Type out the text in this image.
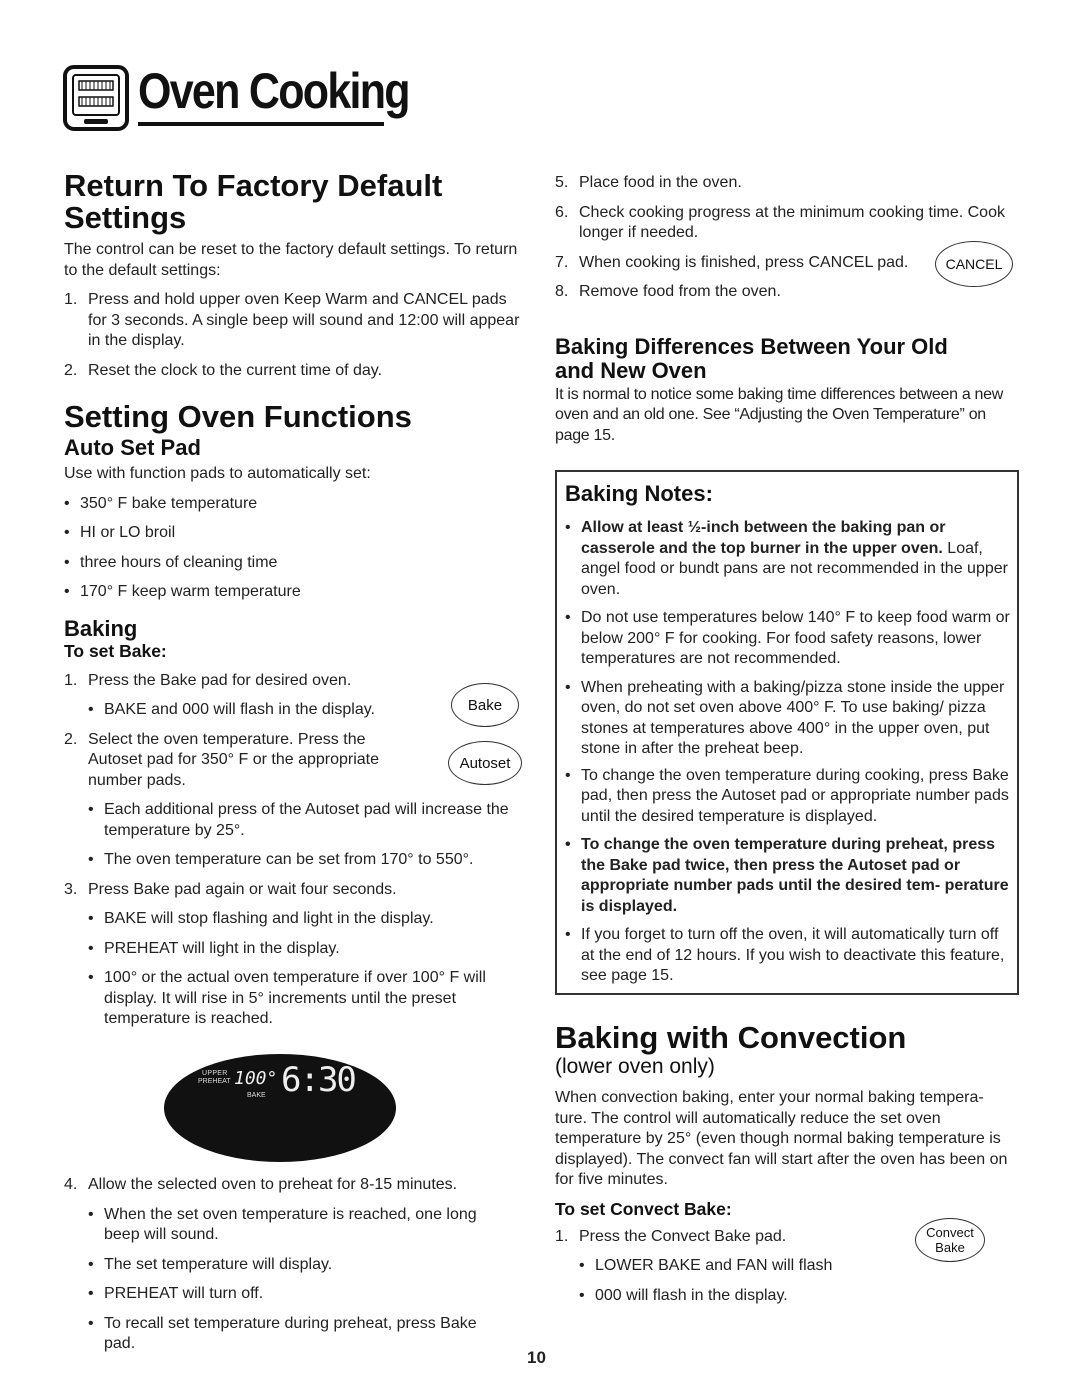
Oven Cooking
Return To Factory Default
Settings

The control can be reset to the factory default settings. To return to the default settings:

1. Press and hold upper oven Keep Warm and CANCEL pads for 3 seconds. A single beep will sound and 12:00 will appear in the display.
2. Reset the clock to the current time of day.
Setting Oven Functions
Auto Set Pad

Use with function pads to automatically set:

• 350° F bake temperature
• HI or LO broil
• three hours of cleaning time
• 170° F keep warm temperature
Baking
To set Bake:
1. Press the Bake pad for desired oven.
• BAKE and 000 will flash in the display.
2. Select the oven temperature. Press the Autoset pad for 350° F or the appropriate number pads.
• Each additional press of the Autoset pad will increase the temperature by 25°.
• The oven temperature can be set from 170° to 550°.
3. Press Bake pad again or wait four seconds.
• BAKE will stop flashing and light in the display.
• PREHEAT will light in the display.
• 100° or the actual oven temperature if over 100° F will display. It will rise in 5° increments until the preset temperature is reached.
Bake
Autoset
UPPER
PREHEAT 100°
BAKE 6:30
4. Allow the selected oven to preheat for 8-15 minutes.
• When the set oven temperature is reached, one long beep will sound.
• The set temperature will display.
• PREHEAT will turn off.
• To recall set temperature during preheat, press Bake pad.
5. Place food in the oven.
6. Check cooking progress at the minimum cooking time. Cook longer if needed.
7. When cooking is finished, press CANCEL pad.
8. Remove food from the oven.
Baking Differences Between Your Old
and New Oven

It is normal to notice some baking time differences between a new oven and an old one. See “Adjusting the Oven Temperature” on page 15.

CANCEL
Baking Notes:
• Allow at least ½-inch between the baking pan or casserole and the top burner in the upper oven. Loaf, angel food or bundt pans are not recommended in the upper oven.
• Do not use temperatures below 140° F to keep food warm or below 200° F for cooking. For food safety reasons, lower temperatures are not recommended.
• When preheating with a baking/pizza stone inside the upper oven, do not set oven above 400° F. To use baking/ pizza stones at temperatures above 400° in the upper oven, put stone in after the preheat beep.
• To change the oven temperature during cooking, press Bake pad, then press the Autoset pad or appropriate number pads until the desired temperature is displayed.
• To change the oven temperature during preheat, press the Bake pad twice, then press the Autoset pad or appropriate number pads until the desired tem- perature is displayed.
• If you forget to turn off the oven, it will automatically turn off at the end of 12 hours. If you wish to deactivate this feature, see page 15.
Baking with Convection
(lower oven only)

When convection baking, enter your normal baking tempera- ture. The control will automatically reduce the set oven temperature by 25° (even though normal baking temperature is displayed). The convect fan will start after the oven has been on for five minutes.

To set Convect Bake:
1. Press the Convect Bake pad.
• LOWER BAKE and FAN will flash
• 000 will flash in the display.
Convect
Bake
10
